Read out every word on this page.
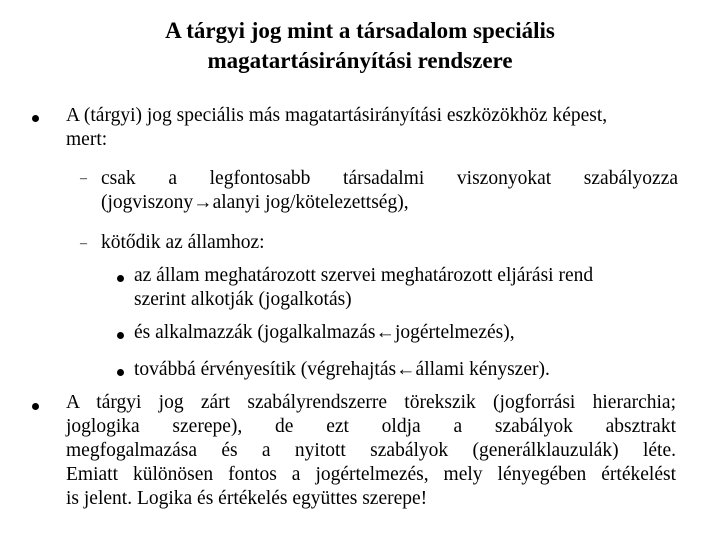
A tárgyi jog mint a társadalom speciális
magatartásirányítási rendszere
A (tárgyi) jog speciális más magatartásirányítási eszközökhöz képest,
mert:
– csak a legfontosabb társadalmi viszonyokat szabályozza
(jogviszony→alanyi jog/kötelezettség),
– kötődik az államhoz:
az állam meghatározott szervei meghatározott eljárási rend
szerint alkotják (jogalkotás)
és alkalmazzák (jogalkalmazás←jogértelmezés),
továbbá érvényesítik (végrehajtás←állami kényszer).
A tárgyi jog zárt szabályrendszerre törekszik (jogforrási hierarchia;
joglogika szerepe), de ezt oldja a szabályok absztrakt
megfogalmazása és a nyitott szabályok (generálklauzulák) léte.
Emiatt különösen fontos a jogértelmezés, mely lényegében értékelést
is jelent. Logika és értékelés együttes szerepe!
